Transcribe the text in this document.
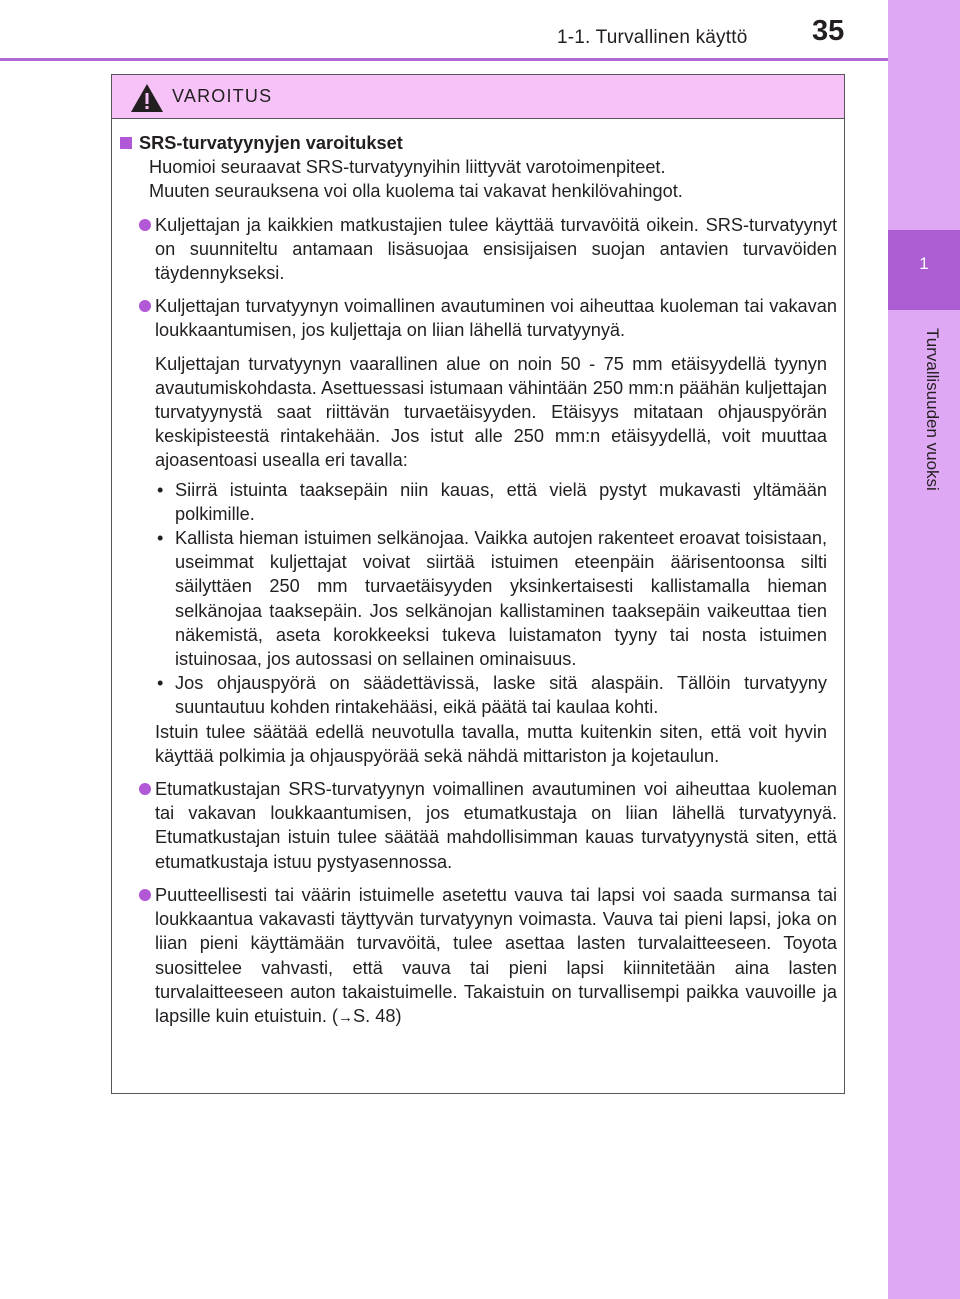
1-1. Turvallinen käyttö 35
1
Turvallisuuden vuoksi
VAROITUS
SRS-turvatyynyjen varoitukset
Huomioi seuraavat SRS-turvatyynyihin liittyvät varotoimenpiteet.
Muuten seurauksena voi olla kuolema tai vakavat henkilövahingot.
Kuljettajan ja kaikkien matkustajien tulee käyttää turvavöitä oikein. SRS-turvatyynyt on suunniteltu antamaan lisäsuojaa ensisijaisen suojan antavien turvavöiden täydennykseksi.
Kuljettajan turvatyynyn voimallinen avautuminen voi aiheuttaa kuoleman tai vakavan loukkaantumisen, jos kuljettaja on liian lähellä turvatyynyä.
Kuljettajan turvatyynyn vaarallinen alue on noin 50 - 75 mm etäisyydellä tyynyn avautumiskohdasta. Asettuessasi istumaan vähintään 250 mm:n päähän kuljettajan turvatyynystä saat riittävän turvaetäisyyden. Etäisyys mitataan ohjauspyörän keskipisteestä rintakehään. Jos istut alle 250 mm:n etäisyydellä, voit muuttaa ajoasentoasi usealla eri tavalla:
• Siirrä istuinta taaksepäin niin kauas, että vielä pystyt mukavasti yltämään polkimille.
• Kallista hieman istuimen selkänojaa. Vaikka autojen rakenteet eroavat toisistaan, useimmat kuljettajat voivat siirtää istuimen eteenpäin äärisentoonsa silti säilyttäen 250 mm turvaetäisyyden yksinkertaisesti kallistamalla hieman selkänojaa taaksepäin. Jos selkänojan kallistaminen taaksepäin vaikeuttaa tien näkemistä, aseta korokkeeksi tukeva luistamaton tyyny tai nosta istuimen istuinosaa, jos autossasi on sellainen ominaisuus.
• Jos ohjauspyörä on säädettävissä, laske sitä alaspäin. Tällöin turvatyyny suuntautuu kohden rintakehääsi, eikä päätä tai kaulaa kohti.
Istuin tulee säätää edellä neuvotulla tavalla, mutta kuitenkin siten, että voit hyvin käyttää polkimia ja ohjauspyörää sekä nähdä mittariston ja kojetaulun.
Etumatkustajan SRS-turvatyynyn voimallinen avautuminen voi aiheuttaa kuoleman tai vakavan loukkaantumisen, jos etumatkustaja on liian lähellä turvatyynyä. Etumatkustajan istuin tulee säätää mahdollisimman kauas turvatyynystä siten, että etumatkustaja istuu pystyasennossa.
Puutteellisesti tai väärin istuimelle asetettu vauva tai lapsi voi saada surmansa tai loukkaantua vakavasti täyttyvän turvatyynyn voimasta. Vauva tai pieni lapsi, joka on liian pieni käyttämään turvavöitä, tulee asettaa lasten turvalaitteeseen. Toyota suosittelee vahvasti, että vauva tai pieni lapsi kiinnitetään aina lasten turvalaitteeseen auton takaistuimelle. Takaistuin on turvallisempi paikka vauvoille ja lapsille kuin etuistuin. (→S. 48)
